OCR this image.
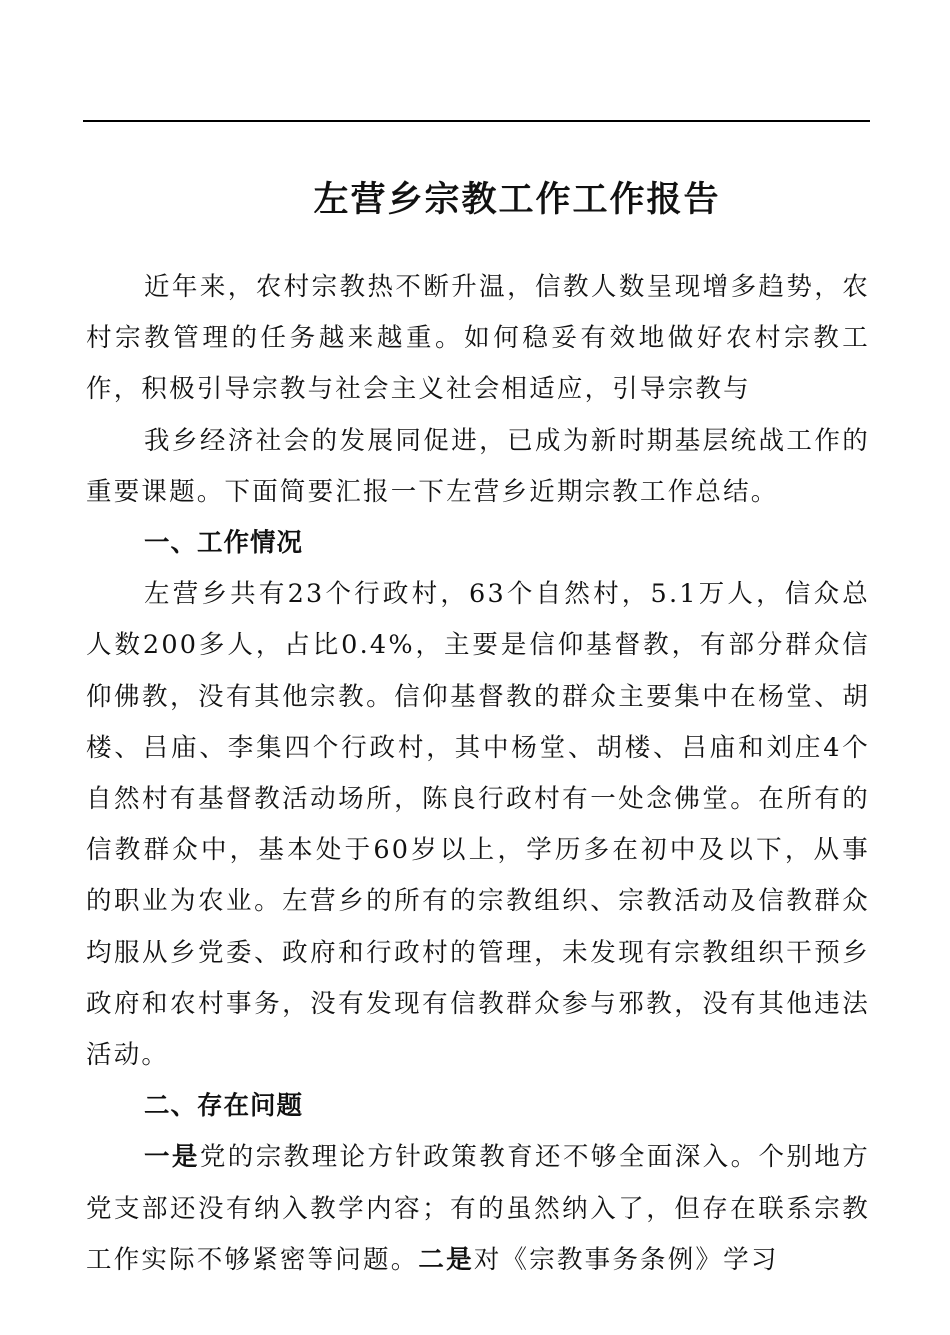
左营乡宗教工作工作报告

近年来，农村宗教热不断升温，信教人数呈现增多趋势，农村宗教管理的任务越来越重。如何稳妥有效地做好农村宗教工作，积极引导宗教与社会主义社会相适应，引导宗教与

我乡经济社会的发展同促进，已成为新时期基层统战工作的重要课题。下面简要汇报一下左营乡近期宗教工作总结。

一、工作情况

左营乡共有23个行政村，63个自然村，5.1万人，信众总人数200多人，占比0.4%，主要是信仰基督教，有部分群众信仰佛教，没有其他宗教。信仰基督教的群众主要集中在杨堂、胡楼、吕庙、李集四个行政村，其中杨堂、胡楼、吕庙和刘庄4个自然村有基督教活动场所，陈良行政村有一处念佛堂。在所有的信教群众中，基本处于60岁以上，学历多在初中及以下，从事的职业为农业。左营乡的所有的宗教组织、宗教活动及信教群众均服从乡党委、政府和行政村的管理，未发现有宗教组织干预乡政府和农村事务，没有发现有信教群众参与邪教，没有其他违法活动。

二、存在问题

一是党的宗教理论方针政策教育还不够全面深入。个别地方党支部还没有纳入教学内容；有的虽然纳入了，但存在联系宗教工作实际不够紧密等问题。二是对《宗教事务条例》学习
